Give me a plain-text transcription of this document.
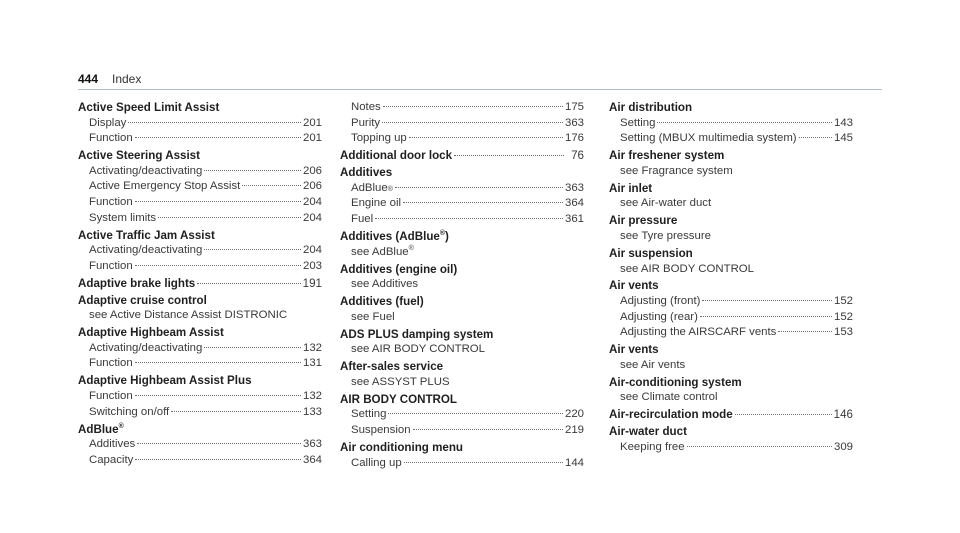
444 Index
Active Speed Limit Assist
Display	201
Function	201
Active Steering Assist
Activating/deactivating	206
Active Emergency Stop Assist	206
Function	204
System limits	204
Active Traffic Jam Assist
Activating/deactivating	204
Function	203
Adaptive brake lights	191
Adaptive cruise control
see Active Distance Assist DISTRONIC
Adaptive Highbeam Assist
Activating/deactivating	132
Function	131
Adaptive Highbeam Assist Plus
Function	132
Switching on/off	133
AdBlue®
Additives	363
Capacity	364
Notes	175
Purity	363
Topping up	176
Additional door lock	76
Additives
AdBlue ®	363
Engine oil	364
Fuel	361
Additives (AdBlue®)
see AdBlue®
Additives (engine oil)
see Additives
Additives (fuel)
see Fuel
ADS PLUS damping system
see AIR BODY CONTROL
After-sales service
see ASSYST PLUS
AIR BODY CONTROL
Setting	220
Suspension	219
Air conditioning menu
Calling up	144
Air distribution
Setting	143
Setting (MBUX multimedia system)	145
Air freshener system
see Fragrance system
Air inlet
see Air-water duct
Air pressure
see Tyre pressure
Air suspension
see AIR BODY CONTROL
Air vents
Adjusting (front)	152
Adjusting (rear)	152
Adjusting the AIRSCARF vents	153
Air vents
see Air vents
Air-conditioning system
see Climate control
Air-recirculation mode	146
Air-water duct
Keeping free	309
